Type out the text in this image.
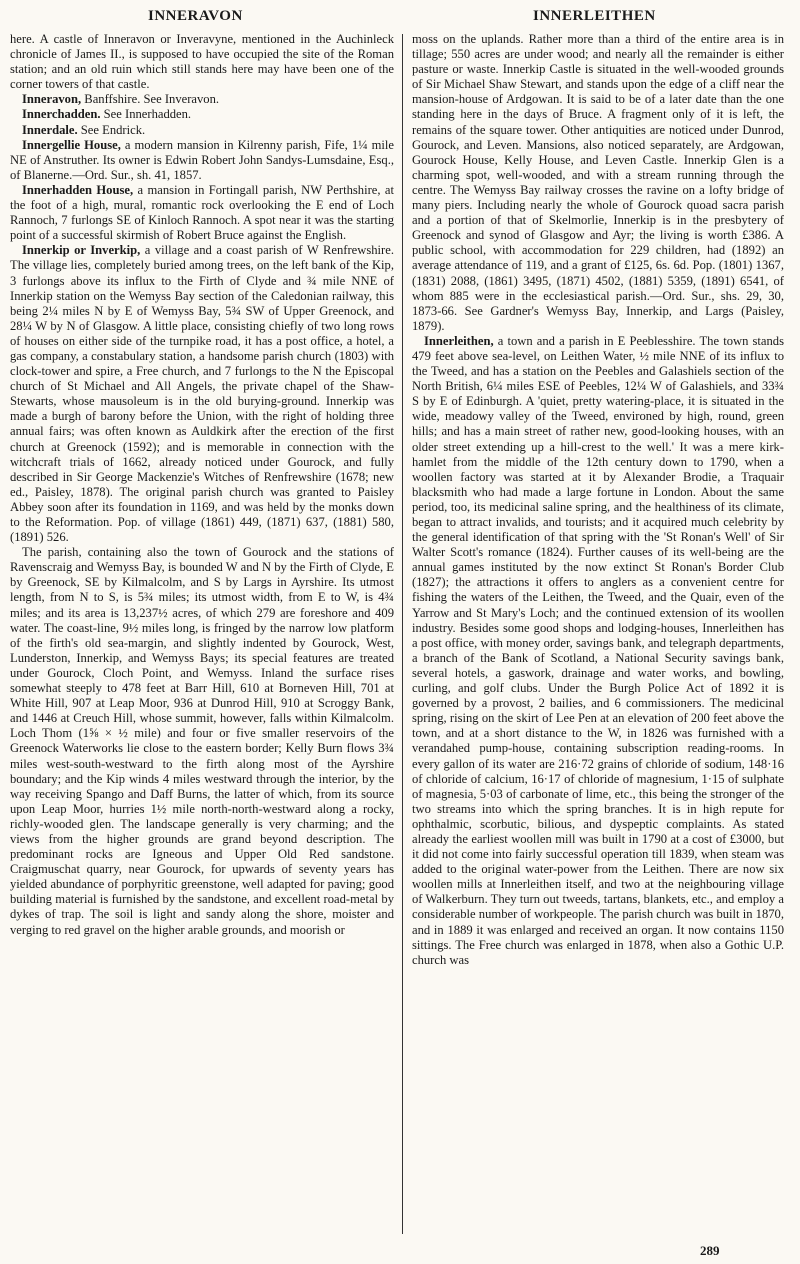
INNERAVON	INNERLEITHEN

here. A castle of Inneravon or Inveravyne, mentioned in the Auchinleck chronicle of James II., is supposed to have occupied the site of the Roman station; and an old ruin which still stands here may have been one of the corner towers of that castle.

Inneravon, Banffshire. See Inveravon.

Innerchadden. See Innerhadden.

Innerdale. See Endrick.

Innergellie House, a modern mansion in Kilrenny parish, Fife, 1¼ mile NE of Anstruther. Its owner is Edwin Robert John Sandys-Lumsdaine, Esq., of Blanerne.—Ord. Sur., sh. 41, 1857.

Innerhadden House, a mansion in Fortingall parish, NW Perthshire, at the foot of a high, mural, romantic rock overlooking the E end of Loch Rannoch, 7 furlongs SE of Kinloch Rannoch. A spot near it was the starting point of a successful skirmish of Robert Bruce against the English.

Innerkip or Inverkip, a village and a coast parish of W Renfrewshire. The village lies, completely buried among trees, on the left bank of the Kip, 3 furlongs above its influx to the Firth of Clyde and ¾ mile NNE of Innerkip station on the Wemyss Bay section of the Caledonian railway, this being 2¼ miles N by E of Wemyss Bay, 5¾ SW of Upper Greenock, and 28¼ W by N of Glasgow. A little place, consisting chiefly of two long rows of houses on either side of the turnpike road, it has a post office, a hotel, a gas company, a constabulary station, a handsome parish church (1803) with clock-tower and spire, a Free church, and 7 furlongs to the N the Episcopal church of St Michael and All Angels, the private chapel of the Shaw-Stewarts, whose mausoleum is in the old burying-ground. Innerkip was made a burgh of barony before the Union, with the right of holding three annual fairs; was often known as Auldkirk after the erection of the first church at Greenock (1592); and is memorable in connection with the witchcraft trials of 1662, already noticed under Gourock, and fully described in Sir George Mackenzie's Witches of Renfrewshire (1678; new ed., Paisley, 1878). The original parish church was granted to Paisley Abbey soon after its foundation in 1169, and was held by the monks down to the Reformation. Pop. of village (1861) 449, (1871) 637, (1881) 580, (1891) 526.

The parish, containing also the town of Gourock and the stations of Ravenscraig and Wemyss Bay, is bounded W and N by the Firth of Clyde, E by Greenock, SE by Kilmalcolm, and S by Largs in Ayrshire. Its utmost length, from N to S, is 5¾ miles; its utmost width, from E to W, is 4¾ miles; and its area is 13,237½ acres, of which 279 are foreshore and 409 water. The coast-line, 9½ miles long, is fringed by the narrow low platform of the firth's old sea-margin, and slightly indented by Gourock, West, Lunderston, Innerkip, and Wemyss Bays; its special features are treated under Gourock, Cloch Point, and Wemyss. Inland the surface rises somewhat steeply to 478 feet at Barr Hill, 610 at Borneven Hill, 701 at White Hill, 907 at Leap Moor, 936 at Dunrod Hill, 910 at Scroggy Bank, and 1446 at Creuch Hill, whose summit, however, falls within Kilmalcolm. Loch Thom (1⅝ × ½ mile) and four or five smaller reservoirs of the Greenock Waterworks lie close to the eastern border; Kelly Burn flows 3¾ miles west-south-westward to the firth along most of the Ayrshire boundary; and the Kip winds 4 miles westward through the interior, by the way receiving Spango and Daff Burns, the latter of which, from its source upon Leap Moor, hurries 1½ mile north-north-westward along a rocky, richly-wooded glen. The landscape generally is very charming; and the views from the higher grounds are grand beyond description. The predominant rocks are Igneous and Upper Old Red sandstone. Craigmuschat quarry, near Gourock, for upwards of seventy years has yielded abundance of porphyritic greenstone, well adapted for paving; good building material is furnished by the sandstone, and excellent road-metal by dykes of trap. The soil is light and sandy along the shore, moister and verging to red gravel on the higher arable grounds, and moorish or

moss on the uplands. Rather more than a third of the entire area is in tillage; 550 acres are under wood; and nearly all the remainder is either pasture or waste. Innerkip Castle is situated in the well-wooded grounds of Sir Michael Shaw Stewart, and stands upon the edge of a cliff near the mansion-house of Ardgowan. It is said to be of a later date than the one standing here in the days of Bruce. A fragment only of it is left, the remains of the square tower. Other antiquities are noticed under Dunrod, Gourock, and Leven. Mansions, also noticed separately, are Ardgowan, Gourock House, Kelly House, and Leven Castle. Innerkip Glen is a charming spot, well-wooded, and with a stream running through the centre. The Wemyss Bay railway crosses the ravine on a lofty bridge of many piers. Including nearly the whole of Gourock quoad sacra parish and a portion of that of Skelmorlie, Innerkip is in the presbytery of Greenock and synod of Glasgow and Ayr; the living is worth £386. A public school, with accommodation for 229 children, had (1892) an average attendance of 119, and a grant of £125, 6s. 6d. Pop. (1801) 1367, (1831) 2088, (1861) 3495, (1871) 4502, (1881) 5359, (1891) 6541, of whom 885 were in the ecclesiastical parish.—Ord. Sur., shs. 29, 30, 1873-66. See Gardner's Wemyss Bay, Innerkip, and Largs (Paisley, 1879).

Innerleithen, a town and a parish in E Peeblesshire. The town stands 479 feet above sea-level, on Leithen Water, ½ mile NNE of its influx to the Tweed, and has a station on the Peebles and Galashiels section of the North British, 6¼ miles ESE of Peebles, 12¼ W of Galashiels, and 33¾ S by E of Edinburgh. A 'quiet, pretty watering-place, it is situated in the wide, meadowy valley of the Tweed, environed by high, round, green hills; and has a main street of rather new, good-looking houses, with an older street extending up a hill-crest to the well.' It was a mere kirk-hamlet from the middle of the 12th century down to 1790, when a woollen factory was started at it by Alexander Brodie, a Traquair blacksmith who had made a large fortune in London. About the same period, too, its medicinal saline spring, and the healthiness of its climate, began to attract invalids, and tourists; and it acquired much celebrity by the general identification of that spring with the 'St Ronan's Well' of Sir Walter Scott's romance (1824). Further causes of its well-being are the annual games instituted by the now extinct St Ronan's Border Club (1827); the attractions it offers to anglers as a convenient centre for fishing the waters of the Leithen, the Tweed, and the Quair, even of the Yarrow and St Mary's Loch; and the continued extension of its woollen industry. Besides some good shops and lodging-houses, Innerleithen has a post office, with money order, savings bank, and telegraph departments, a branch of the Bank of Scotland, a National Security savings bank, several hotels, a gaswork, drainage and water works, and bowling, curling, and golf clubs. Under the Burgh Police Act of 1892 it is governed by a provost, 2 bailies, and 6 commissioners. The medicinal spring, rising on the skirt of Lee Pen at an elevation of 200 feet above the town, and at a short distance to the W, in 1826 was furnished with a verandahed pump-house, containing subscription reading-rooms. In every gallon of its water are 216·72 grains of chloride of sodium, 148·16 of chloride of calcium, 16·17 of chloride of magnesium, 1·15 of sulphate of magnesia, 5·03 of carbonate of lime, etc., this being the stronger of the two streams into which the spring branches. It is in high repute for ophthalmic, scorbutic, bilious, and dyspeptic complaints. As stated already the earliest woollen mill was built in 1790 at a cost of £3000, but it did not come into fairly successful operation till 1839, when steam was added to the original water-power from the Leithen. There are now six woollen mills at Innerleithen itself, and two at the neighbouring village of Walkerburn. They turn out tweeds, tartans, blankets, etc., and employ a considerable number of workpeople. The parish church was built in 1870, and in 1889 it was enlarged and received an organ. It now contains 1150 sittings. The Free church was enlarged in 1878, when also a Gothic U.P. church was

289
